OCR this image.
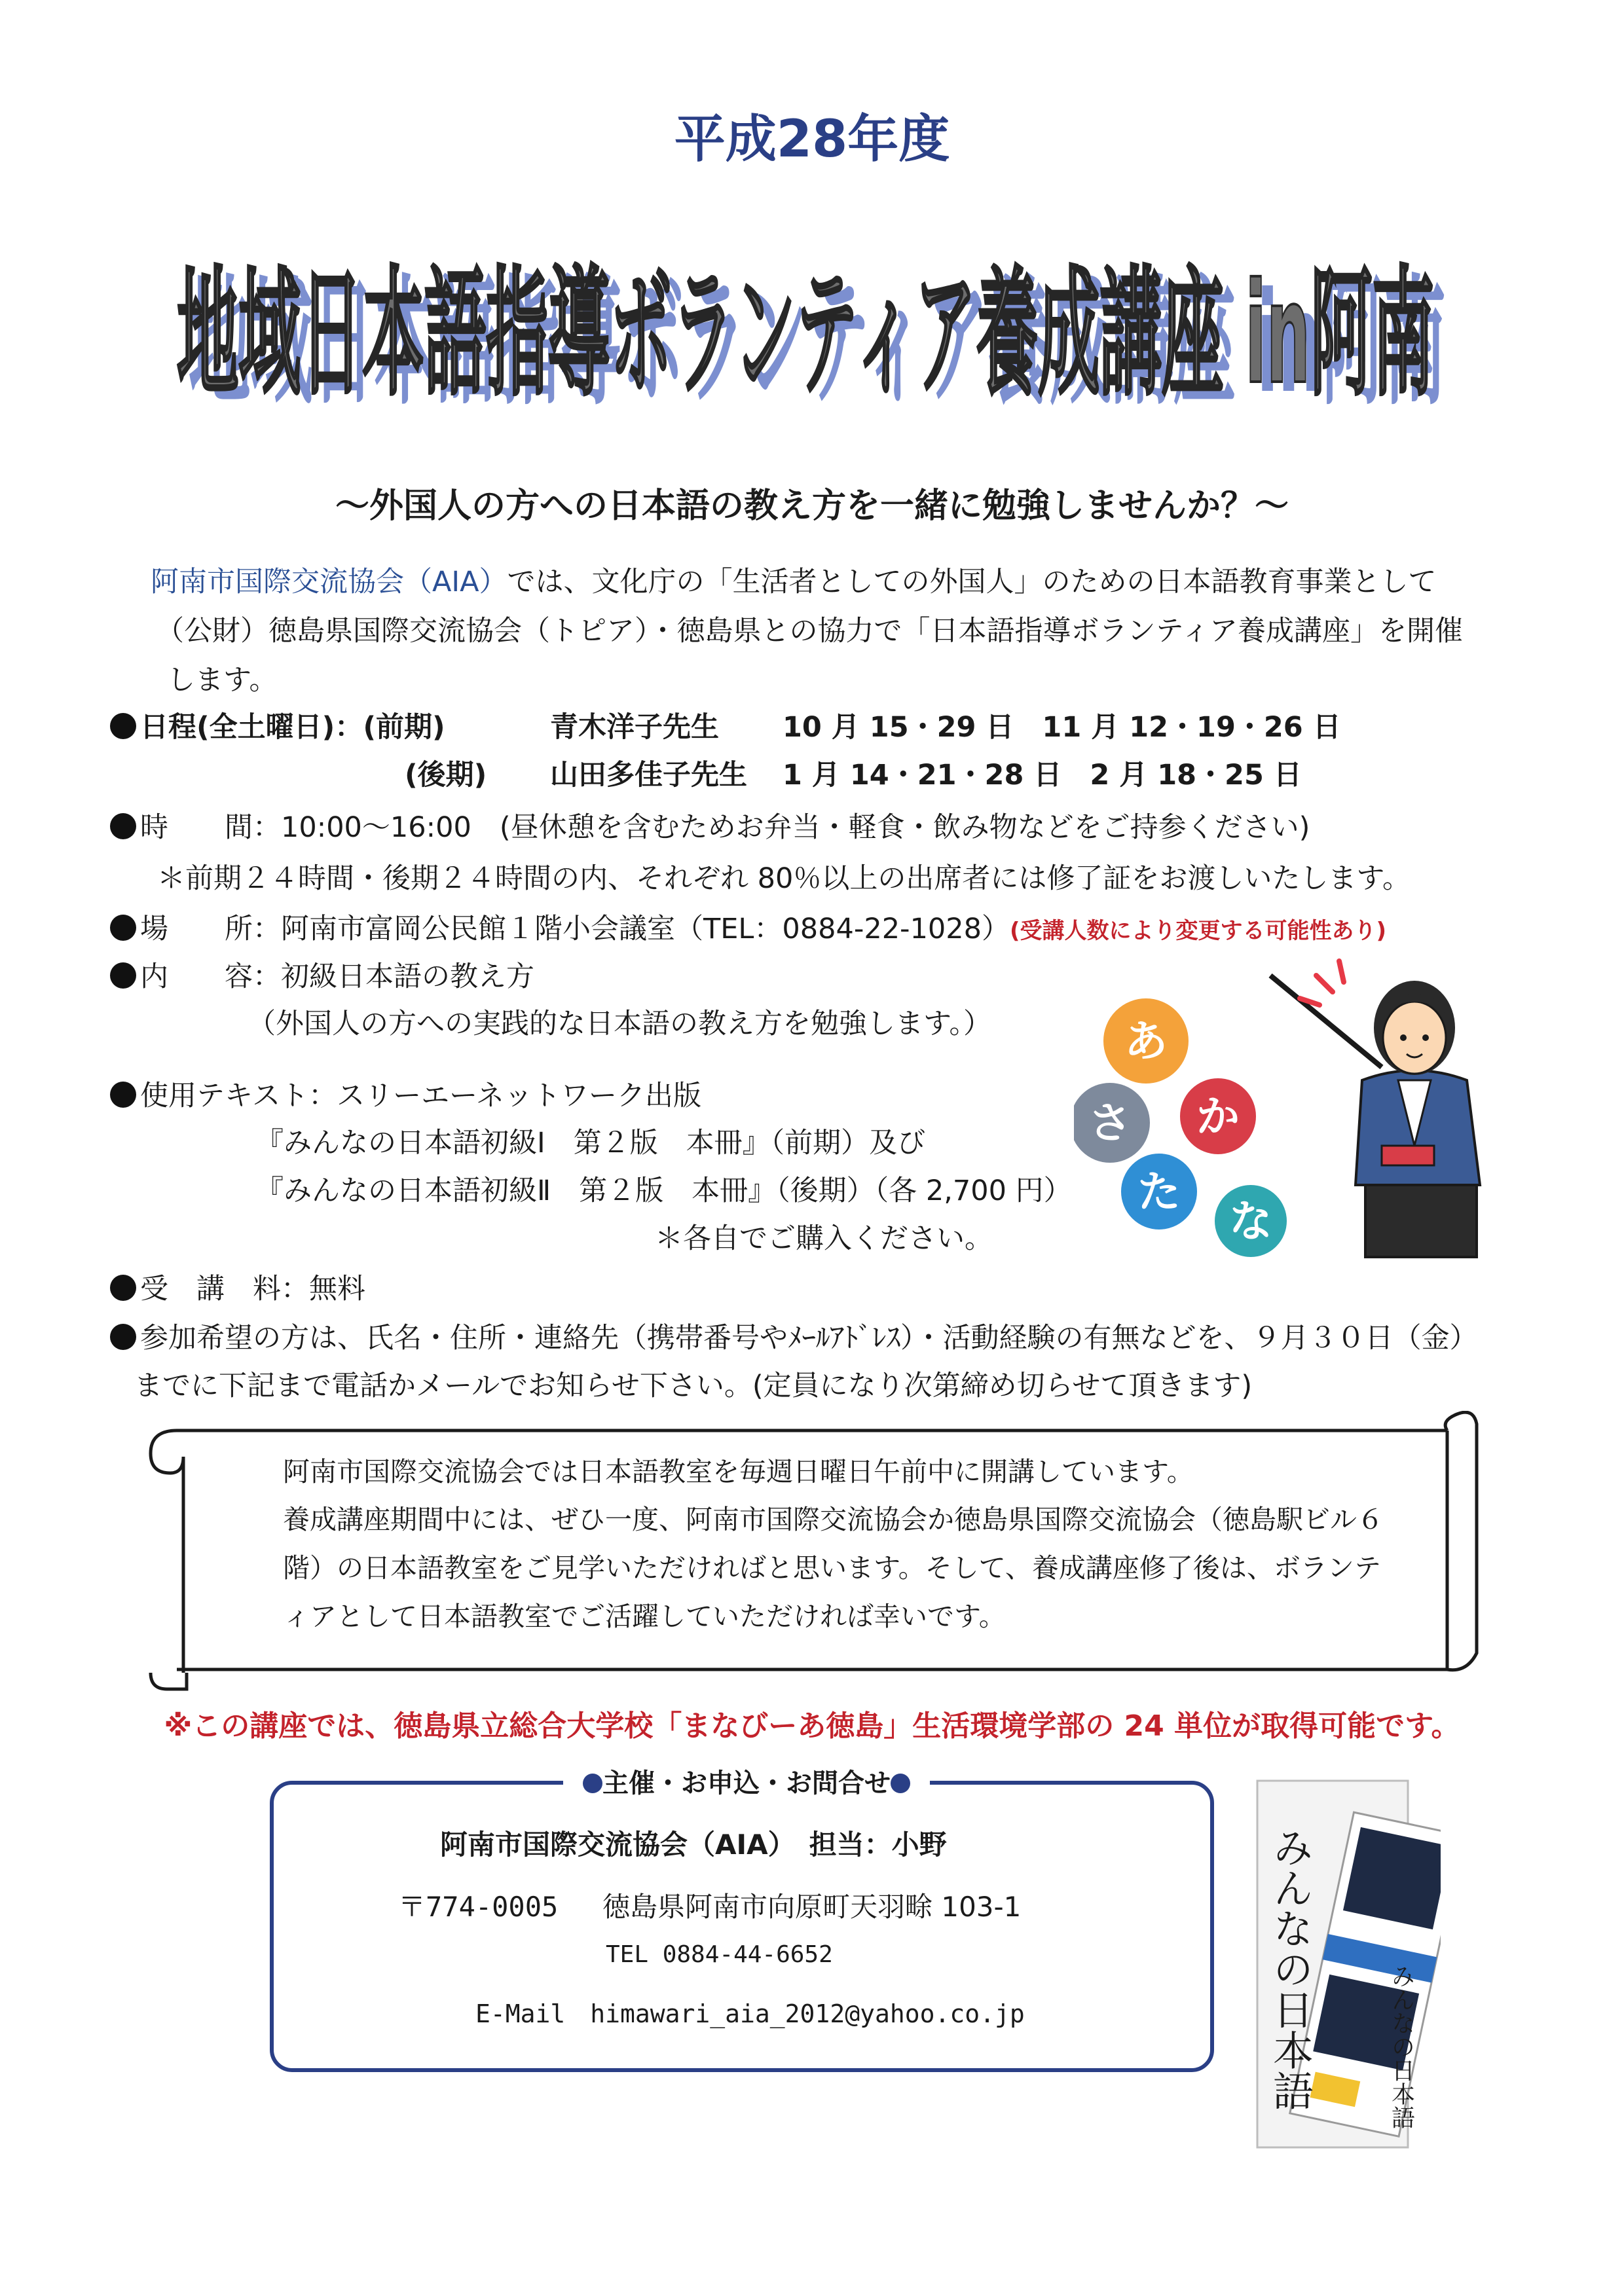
平成28年度
地域日本語指導ボランティア養成講座 in阿南
地域日本語指導ボランティア養成講座 in阿南
～外国人の方への日本語の教え方を一緒に勉強しませんか？～
阿南市国際交流協会（AIA）では、文化庁の「生活者としての外国人」のための日本語教育事業として
（公財）徳島県国際交流協会（トピア）・徳島県との協力で「日本語指導ボランティア養成講座」を開催
します。
日程(全土曜日)：(前期)	青木洋子先生 10 月 15・29 日　11 月 12・19・26 日
(後期) 山田多佳子先生 1 月 14・21・28 日　2 月 18・25 日
時　　間：10:00～16:00　(昼休憩を含むためお弁当・軽食・飲み物などをご持参ください)
＊前期２４時間・後期２４時間の内、それぞれ 80％以上の出席者には修了証をお渡しいたします。
場　　所：阿南市富岡公民館１階小会議室（TEL：0884-22-1028）(受講人数により変更する可能性あり)
内　　容：初級日本語の教え方
（外国人の方への実践的な日本語の教え方を勉強します。）
使用テキスト：スリーエーネットワーク出版
『みんなの日本語初級Ⅰ　第２版　本冊』（前期）及び
『みんなの日本語初級Ⅱ　第２版　本冊』（後期）（各 2,700 円）
＊各自でご購入ください。
受　講　料：無料
参加希望の方は、氏名・住所・連絡先（携帯番号やﾒｰﾙｱﾄﾞﾚｽ）・活動経験の有無などを、９月３０日（金）
までに下記まで電話かメールでお知らせ下さい。(定員になり次第締め切らせて頂きます)
あ
さ か
た
な
阿南市国際交流協会では日本語教室を毎週日曜日午前中に開講しています。
養成講座期間中には、ぜひ一度、阿南市国際交流協会か徳島県国際交流協会（徳島駅ビル６
階）の日本語教室をご見学いただければと思います。そして、養成講座修了後は、ボランテ
ィアとして日本語教室でご活躍していただければ幸いです。
※この講座では、徳島県立総合大学校「まなびーあ徳島」生活環境学部の 24 単位が取得可能です。
主催・お申込・お問合せ
阿南市国際交流協会（AIA）　担当：小野
〒774-0005 徳島県阿南市向原町天羽畭 103-1
TEL 0884-44-6652
E-Mail　himawari_aia_2012@yahoo.co.jp	みんなの日本語	みんなの日本語
